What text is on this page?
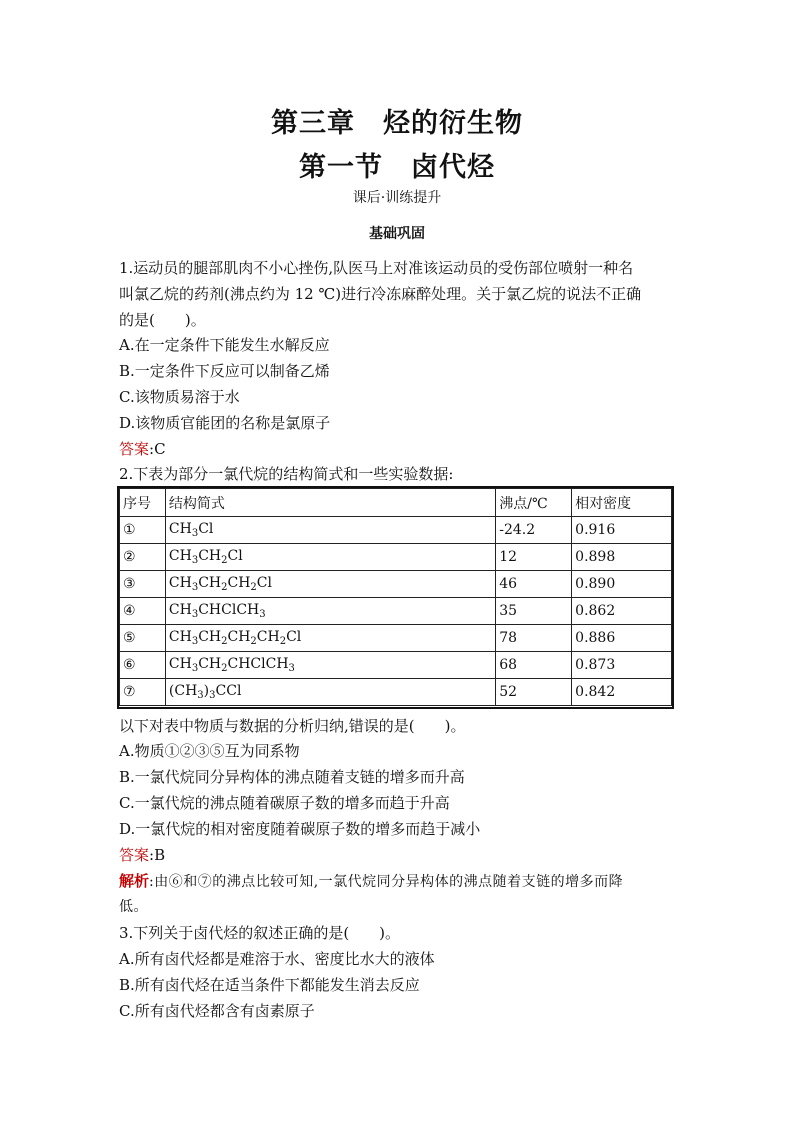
第三章　烃的衍生物
第一节　卤代烃
课后·训练提升
基础巩固
1.运动员的腿部肌肉不小心挫伤,队医马上对准该运动员的受伤部位喷射一种名
叫氯乙烷的药剂(沸点约为 12 ℃)进行冷冻麻醉处理。关于氯乙烷的说法不正确
的是(　　)。
A.在一定条件下能发生水解反应
B.一定条件下反应可以制备乙烯
C.该物质易溶于水
D.该物质官能团的名称是氯原子
答案:C
2.下表为部分一氯代烷的结构简式和一些实验数据:
序号	结构简式	沸点/℃	相对密度
①	$CH_3Cl$	-24.2	0.916
②	$CH_3CH_2Cl$	12	0.898
③	$CH_3CH_2CH_2Cl$	46	0.890
④	$CH_3CHClCH_3$	35	0.862
⑤	$CH_3CH_2CH_2CH_2Cl$	78	0.886
⑥	$CH_3CH_2CHClCH_3$	68	0.873
⑦	$(CH_3)_3CCl$	52	0.842
以下对表中物质与数据的分析归纳,错误的是(　　)。
A.物质①②③⑤互为同系物
B.一氯代烷同分异构体的沸点随着支链的增多而升高
C.一氯代烷的沸点随着碳原子数的增多而趋于升高
D.一氯代烷的相对密度随着碳原子数的增多而趋于减小
答案:B
解析:由⑥和⑦的沸点比较可知,一氯代烷同分异构体的沸点随着支链的增多而降
低。
3.下列关于卤代烃的叙述正确的是(　　)。
A.所有卤代烃都是难溶于水、密度比水大的液体
B.所有卤代烃在适当条件下都能发生消去反应
C.所有卤代烃都含有卤素原子
